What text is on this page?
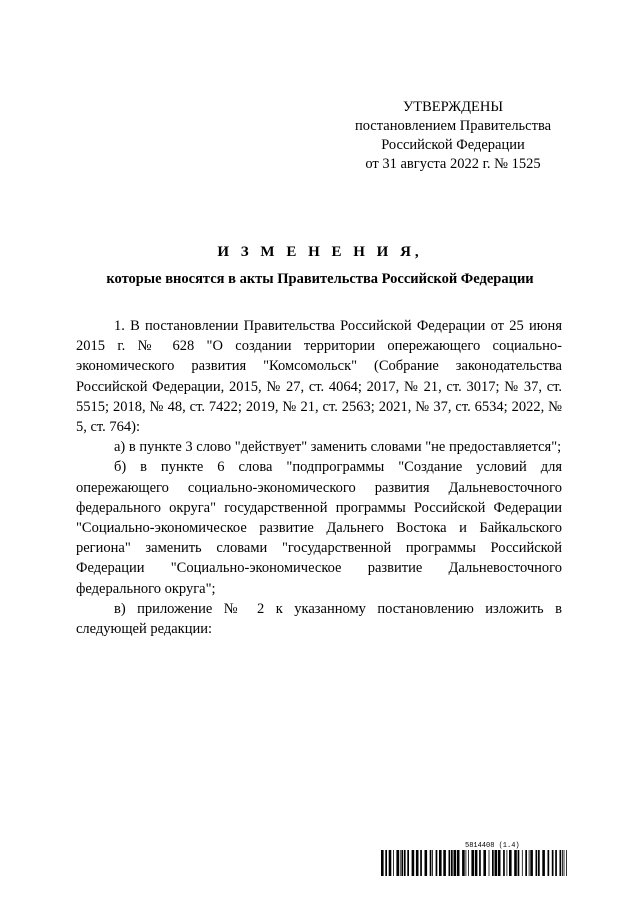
УТВЕРЖДЕНЫ
постановлением Правительства
Российской Федерации
от 31 августа 2022 г. № 1525
И З М Е Н Е Н И Я,
которые вносятся в акты Правительства Российской Федерации

1. В постановлении Правительства Российской Федерации от 25 июня 2015 г. № 628 "О создании территории опережающего социально-экономического развития "Комсомольск" (Собрание законодательства Российской Федерации, 2015, № 27, ст. 4064; 2017, № 21, ст. 3017; № 37, ст. 5515; 2018, № 48, ст. 7422; 2019, № 21, ст. 2563; 2021, № 37, ст. 6534; 2022, № 5, ст. 764):

а) в пункте 3 слово "действует" заменить словами "не предоставляется";

б) в пункте 6 слова "подпрограммы "Создание условий для опережающего социально-экономического развития Дальневосточного федерального округа" государственной программы Российской Федерации "Социально-экономическое развитие Дальнего Востока и Байкальского региона" заменить словами "государственной программы Российской Федерации "Социально-экономическое развитие Дальневосточного федерального округа";

в) приложение № 2 к указанному постановлению изложить в следующей редакции:

5814408 (1.4)
